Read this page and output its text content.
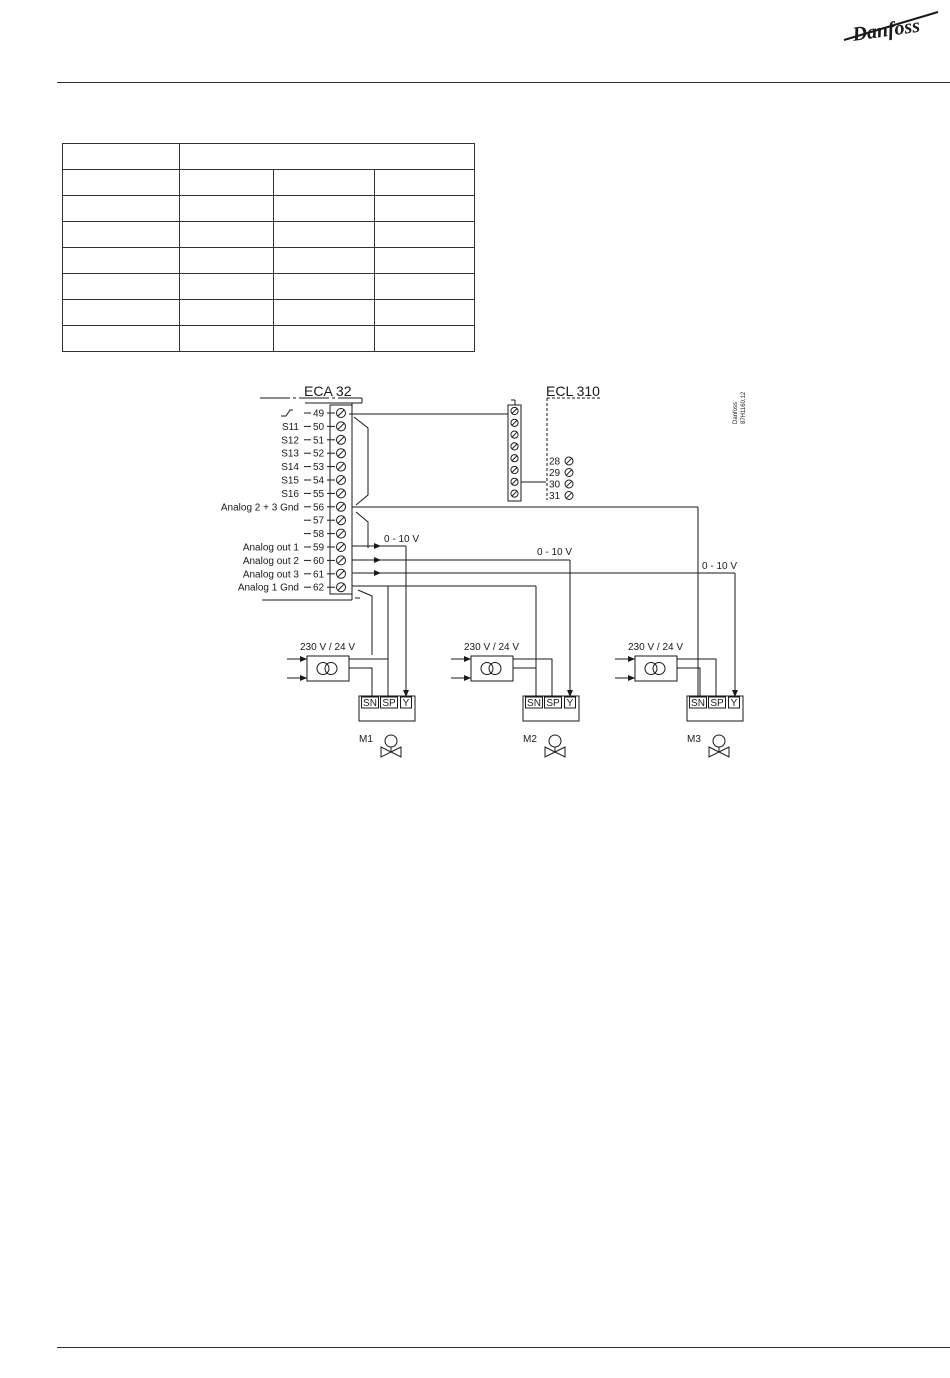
Danfoss

ECA 32
49
S11 50
S12 51
S13 52
S14 53
S15 54
S16 55
Analog 2 + 3 Gnd 56
57
58
Analog out 1 59
Analog out 2 60
Analog out 3 61
Analog 1 Gnd 62
ECL 310
28
29
30
31
Danfoss 87H1160.12
0 - 10 V
0 - 10 V
0 - 10 V
230 V / 24 V
SN SP Y
M1
230 V / 24 V
SN SP Y
M2
230 V / 24 V
SN SP Y
M3
